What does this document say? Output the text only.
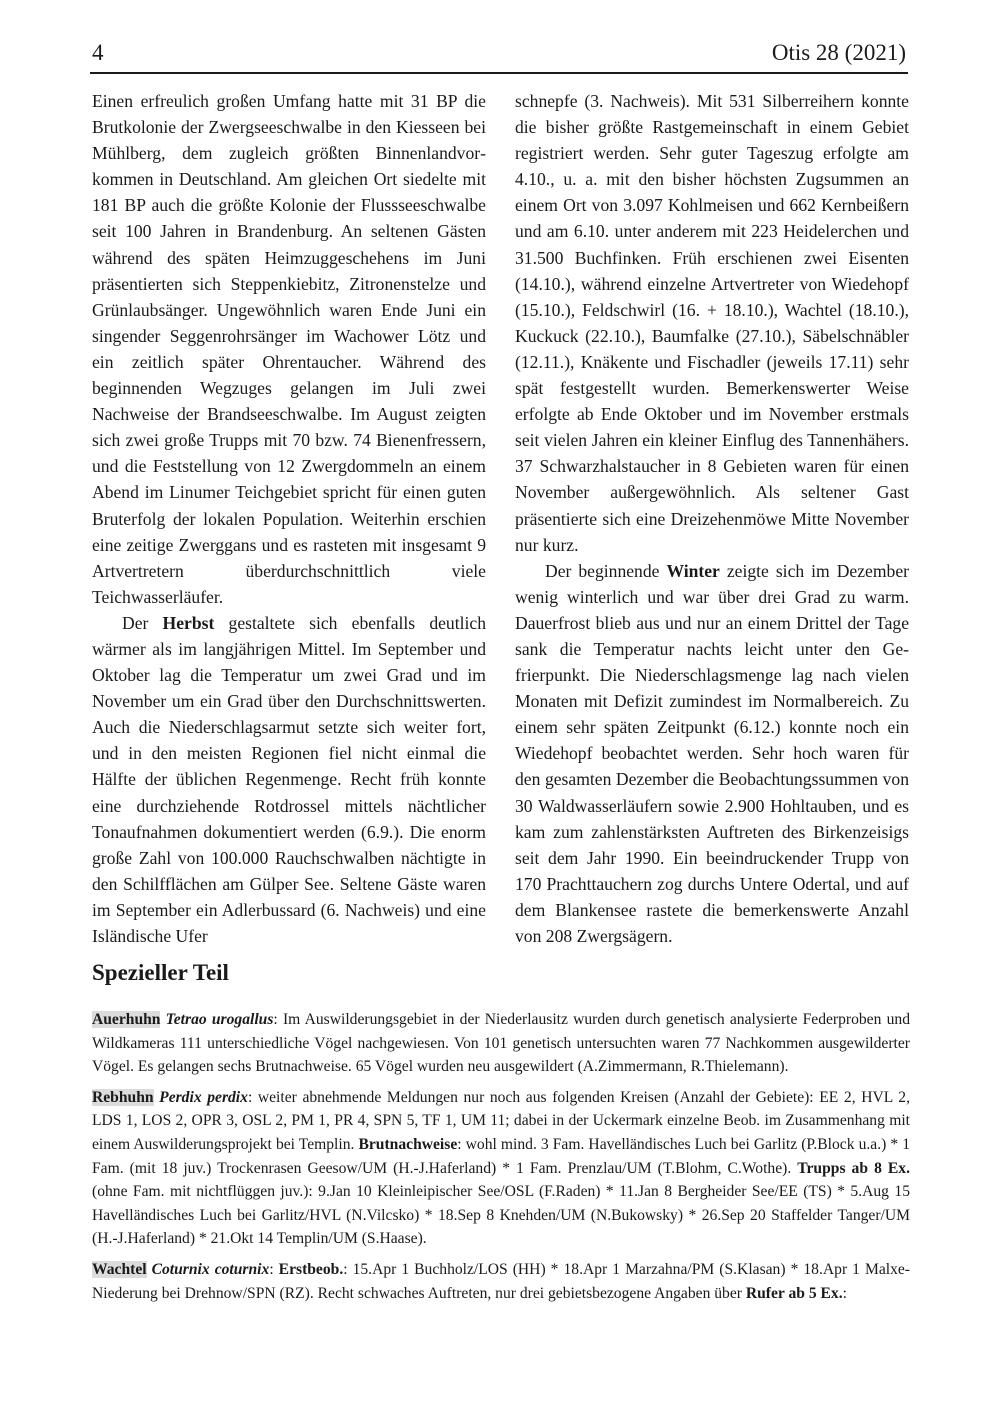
4	Otis 28 (2021)

Einen erfreulich großen Umfang hatte mit 31 BP die Brutkolonie der Zwergseeschwalbe in den Kiesseen bei Mühlberg, dem zugleich größten Binnenlandvorkommen in Deutschland. Am gleichen Ort siedelte mit 181 BP auch die größte Kolonie der Flussseeschwalbe seit 100 Jahren in Brandenburg. An seltenen Gästen während des späten Heimzuggeschehens im Juni präsentierten sich Steppenkiebitz, Zitronenstelze und Grünlaubsänger. Ungewöhnlich waren Ende Juni ein singender Seggenrohrsänger im Wachower Lötz und ein zeitlich später Ohrentaucher. Während des beginnenden Wegzuges gelangen im Juli zwei Nachweise der Brandseeschwalbe. Im August zeigten sich zwei große Trupps mit 70 bzw. 74 Bienenfressern, und die Feststellung von 12 Zwergdommeln an einem Abend im Linumer Teichgebiet spricht für einen guten Bruterfolg der lokalen Population. Weiterhin erschien eine zeitige Zwerggans und es rasteten mit insgesamt 9 Artvertretern überdurchschnittlich viele Teichwasserläufer.

Der Herbst gestaltete sich ebenfalls deutlich wärmer als im langjährigen Mittel. Im September und Oktober lag die Temperatur um zwei Grad und im November um ein Grad über den Durchschnittswerten. Auch die Niederschlagsarmut setzte sich weiter fort, und in den meisten Regionen fiel nicht einmal die Hälfte der üblichen Regenmenge. Recht früh konnte eine durchziehende Rotdrossel mittels nächtlicher Tonaufnahmen dokumentiert werden (6.9.). Die enorm große Zahl von 100.000 Rauchschwalben nächtigte in den Schilfflächen am Gülper See. Seltene Gäste waren im September ein Adlerbussard (6. Nachweis) und eine Isländische Ufer

schnepfe (3. Nachweis). Mit 531 Silberreihern konnte die bisher größte Rastgemeinschaft in einem Gebiet registriert werden. Sehr guter Tageszug erfolgte am 4.10., u. a. mit den bisher höchsten Zugsummen an einem Ort von 3.097 Kohlmeisen und 662 Kernbeißern und am 6.10. unter anderem mit 223 Heidelerchen und 31.500 Buchfinken. Früh erschienen zwei Eisenten (14.10.), während einzelne Artvertreter von Wiedehopf (15.10.), Feldschwirl (16. + 18.10.), Wachtel (18.10.), Kuckuck (22.10.), Baumfalke (27.10.), Säbelschnäbler (12.11.), Knäkente und Fischadler (jeweils 17.11) sehr spät festgestellt wurden. Bemerkenswerter Weise erfolgte ab Ende Oktober und im November erstmals seit vielen Jahren ein kleiner Einflug des Tannenhähers. 37 Schwarzhalstaucher in 8 Gebieten waren für einen November außergewöhnlich. Als seltener Gast präsentierte sich eine Dreizehenmöwe Mitte November nur kurz.

Der beginnende Winter zeigte sich im Dezember wenig winterlich und war über drei Grad zu warm. Dauerfrost blieb aus und nur an einem Drittel der Tage sank die Temperatur nachts leicht unter den Gefrierpunkt. Die Niederschlagsmenge lag nach vielen Monaten mit Defizit zumindest im Normalbereich. Zu einem sehr späten Zeitpunkt (6.12.) konnte noch ein Wiedehopf beobachtet werden. Sehr hoch waren für den gesamten Dezember die Beobachtungssummen von 30 Waldwasserläufern sowie 2.900 Hohltauben, und es kam zum zahlenstärksten Auftreten des Birkenzeisigs seit dem Jahr 1990. Ein beeindruckender Trupp von 170 Prachttauchern zog durchs Untere Odertal, und auf dem Blankensee rastete die bemerkenswerte Anzahl von 208 Zwergsägern.

Spezieller Teil

Auerhuhn Tetrao urogallus: Im Auswilderungsgebiet in der Niederlausitz wurden durch genetisch analysierte Federproben und Wildkameras 111 unterschiedliche Vögel nachgewiesen. Von 101 genetisch untersuchten waren 77 Nachkommen ausgewilderter Vögel. Es gelangen sechs Brutnachweise. 65 Vögel wurden neu ausgewildert (A.Zimmermann, R.Thielemann).

Rebhuhn Perdix perdix: weiter abnehmende Meldungen nur noch aus folgenden Kreisen (Anzahl der Gebiete): EE 2, HVL 2, LDS 1, LOS 2, OPR 3, OSL 2, PM 1, PR 4, SPN 5, TF 1, UM 11; dabei in der Uckermark einzelne Beob. im Zusammenhang mit einem Auswilderungsprojekt bei Templin. Brutnachweise: wohl mind. 3 Fam. Havelländisches Luch bei Garlitz (P.Block u.a.) * 1 Fam. (mit 18 juv.) Trockenrasen Geesow/UM (H.-J.Haferland) * 1 Fam. Prenzlau/UM (T.Blohm, C.Wothe). Trupps ab 8 Ex. (ohne Fam. mit nichtflüggen juv.): 9.Jan 10 Kleinleipischer See/OSL (F.Raden) * 11.Jan 8 Bergheider See/EE (TS) * 5.Aug 15 Havelländisches Luch bei Garlitz/HVL (N.Vilcsko) * 18.Sep 8 Knehden/UM (N.Bukowsky) * 26.Sep 20 Staffelder Tanger/UM (H.-J.Haferland) * 21.Okt 14 Templin/UM (S.Haase).

Wachtel Coturnix coturnix: Erstbeob.: 15.Apr 1 Buchholz/LOS (HH) * 18.Apr 1 Marzahna/PM (S.Klasan) * 18.Apr 1 Malxe-Niederung bei Drehnow/SPN (RZ). Recht schwaches Auftreten, nur drei gebietsbezogene Angaben über Rufer ab 5 Ex.:
